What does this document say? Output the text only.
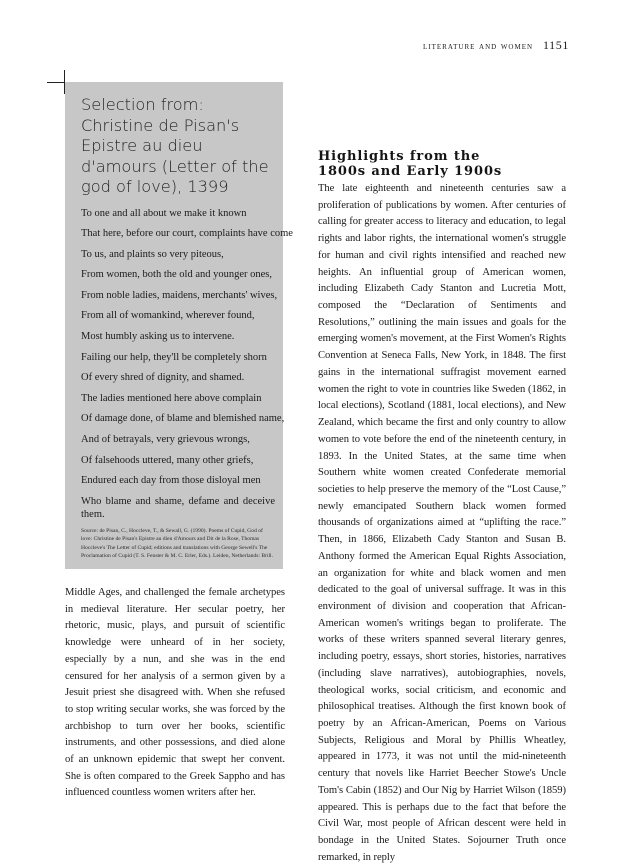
literature and women 1151
Selection from: Christine de Pisan's Epistre au dieu d'amours (Letter of the god of love), 1399
To one and all about we make it known
That here, before our court, complaints have come
To us, and plaints so very piteous,
From women, both the old and younger ones,
From noble ladies, maidens, merchants' wives,
From all of womankind, wherever found,
Most humbly asking us to intervene.
Failing our help, they'll be completely shorn
Of every shred of dignity, and shamed.
The ladies mentioned here above complain
Of damage done, of blame and blemished name,
And of betrayals, very grievous wrongs,
Of falsehoods uttered, many other griefs,
Endured each day from those disloyal men
Who blame and shame, defame and deceive them.
Source: de Pisan, C., Hoccleve, T., & Sewall, G. (1990). Poems of Cupid, God of love: Christine de Pisan's Epistre au dieu d'Amours and Dit de la Rose, Thomas Hoccleve's The Letter of Cupid; editions and translations with George Sewell's The Proclamation of Cupid (T. S. Fenster & M. C. Erler, Eds.). Leiden, Netherlands: Brill.

Middle Ages, and challenged the female archetypes in medieval literature. Her secular poetry, her rhetoric, music, plays, and pursuit of scientific knowledge were unheard of in her society, especially by a nun, and she was in the end censured for her analysis of a sermon given by a Jesuit priest she disagreed with. When she refused to stop writing secular works, she was forced by the archbishop to turn over her books, scientific instruments, and other possessions, and died alone of an unknown epidemic that swept her convent. She is often compared to the Greek Sappho and has influenced countless women writers after her.

Highlights from the
1800s and Early 1900s

The late eighteenth and nineteenth centuries saw a proliferation of publications by women. After centuries of calling for greater access to literacy and education, to legal rights and labor rights, the international women's struggle for human and civil rights intensified and reached new heights. An influential group of American women, including Elizabeth Cady Stanton and Lucretia Mott, composed the “Declaration of Sentiments and Resolutions,” outlining the main issues and goals for the emerging women's movement, at the First Women's Rights Convention at Seneca Falls, New York, in 1848. The first gains in the international suffragist movement earned women the right to vote in countries like Sweden (1862, in local elections), Scotland (1881, local elections), and New Zealand, which became the first and only country to allow women to vote before the end of the nineteenth century, in 1893. In the United States, at the same time when Southern white women created Confederate memorial societies to help preserve the memory of the “Lost Cause,” newly emancipated Southern black women formed thousands of organizations aimed at “uplifting the race.” Then, in 1866, Elizabeth Cady Stanton and Susan B. Anthony formed the American Equal Rights Association, an organization for white and black women and men dedicated to the goal of universal suffrage. It was in this environment of division and cooperation that African-American women's writings began to proliferate. The works of these writers spanned several literary genres, including poetry, essays, short stories, histories, narratives (including slave narratives), autobiographies, novels, theological works, social criticism, and economic and philosophical treatises. Although the first known book of poetry by an African-American, Poems on Various Subjects, Religious and Moral by Phillis Wheatley, appeared in 1773, it was not until the mid-nineteenth century that novels like Harriet Beecher Stowe's Uncle Tom's Cabin (1852) and Our Nig by Harriet Wilson (1859) appeared. This is perhaps due to the fact that before the Civil War, most people of African descent were held in bondage in the United States. Sojourner Truth once remarked, in reply
